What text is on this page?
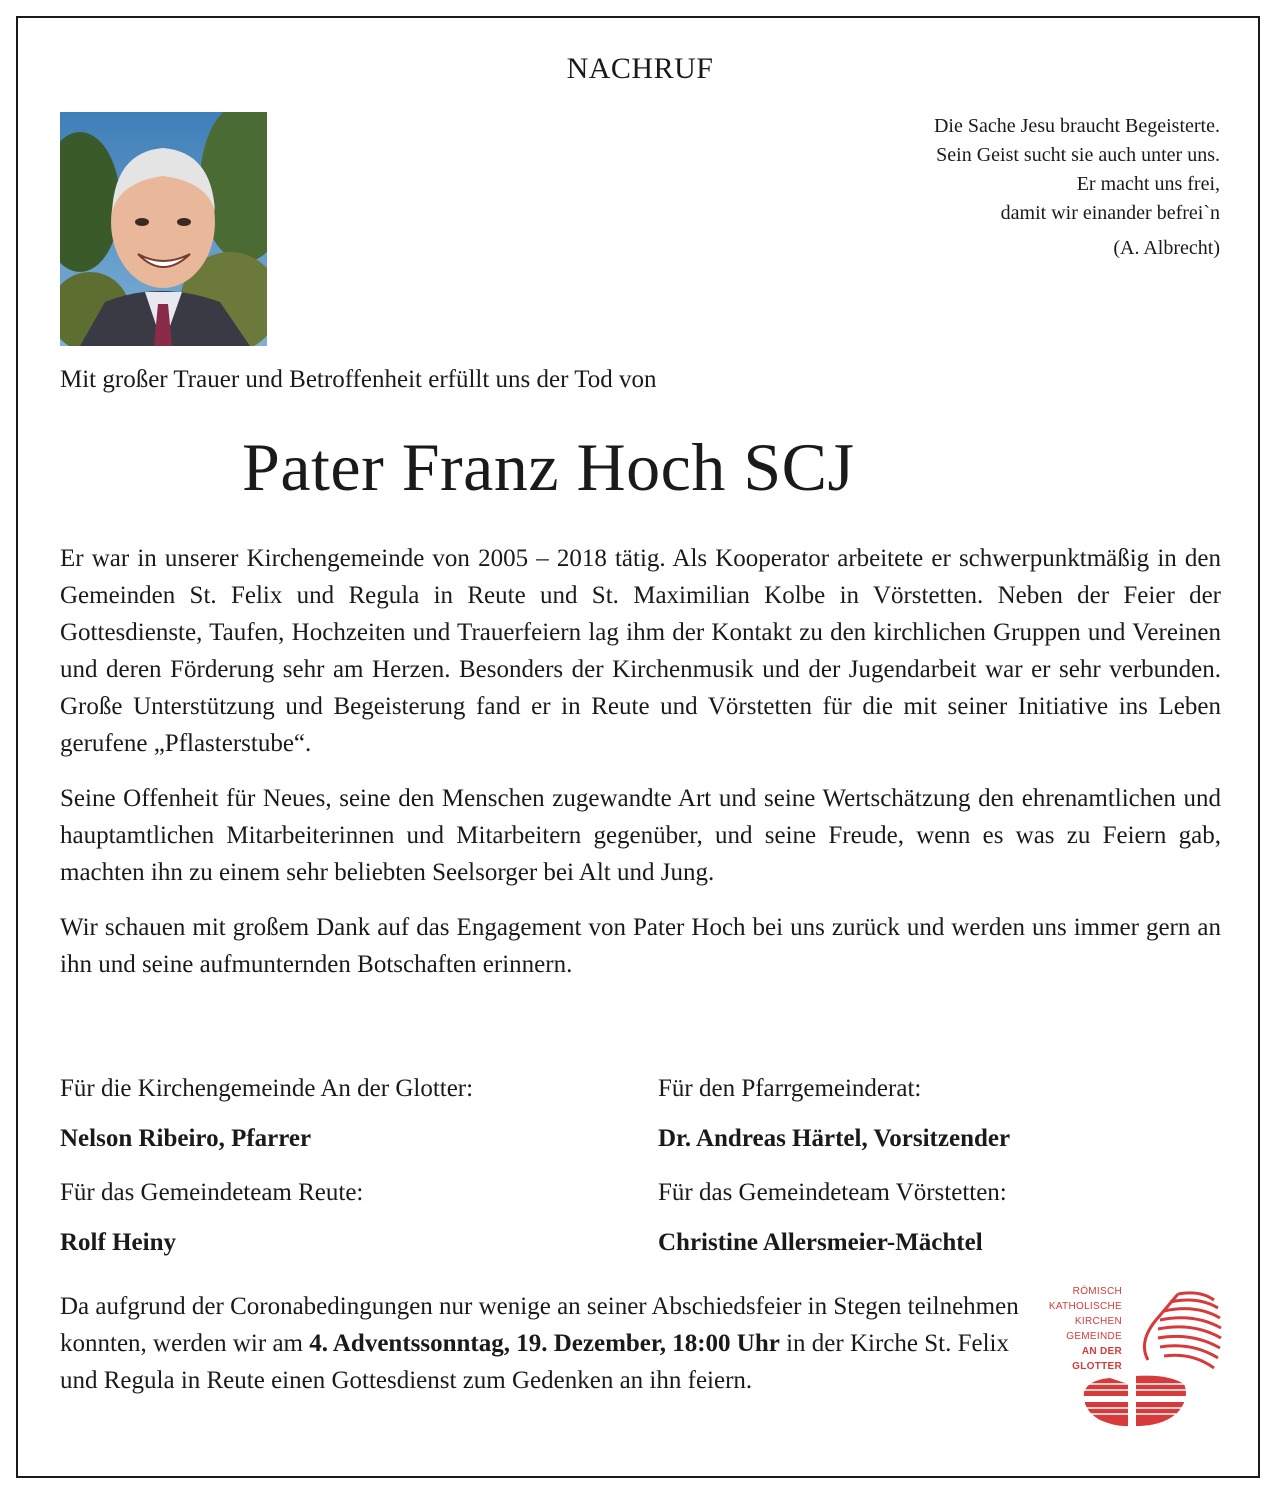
NACHRUF
Die Sache Jesu braucht Begeisterte.
Sein Geist sucht sie auch unter uns.
Er macht uns frei,
damit wir einander befrei`n
(A. Albrecht)
Mit großer Trauer und Betroffenheit erfüllt uns der Tod von
Pater Franz Hoch SCJ

Er war in unserer Kirchengemeinde von 2005 – 2018 tätig. Als Kooperator arbeitete er schwerpunktmäßig in den Gemeinden St. Felix und Regula in Reute und St. Maximilian Kolbe in Vörstetten. Neben der Feier der Gottesdienste, Taufen, Hochzeiten und Trauerfeiern lag ihm der Kontakt zu den kirchlichen Gruppen und Vereinen und deren Förderung sehr am Herzen. Besonders der Kirchenmusik und der Jugendarbeit war er sehr verbunden. Große Unterstützung und Begeisterung fand er in Reute und Vörstetten für die mit seiner Initiative ins Leben gerufene „Pflasterstube“.

Seine Offenheit für Neues, seine den Menschen zugewandte Art und seine Wertschätzung den ehrenamtlichen und hauptamtlichen Mitarbeiterinnen und Mitarbeitern gegenüber, und seine Freude, wenn es was zu Feiern gab, machten ihn zu einem sehr beliebten Seelsorger bei Alt und Jung.

Wir schauen mit großem Dank auf das Engagement von Pater Hoch bei uns zurück und werden uns immer gern an ihn und seine aufmunternden Botschaften erinnern.

Für die Kirchengemeinde An der Glotter:	Für den Pfarrgemeinderat:
Nelson Ribeiro, Pfarrer	Dr. Andreas Härtel, Vorsitzender
Für das Gemeindeteam Reute:	Für das Gemeindeteam Vörstetten:
Rolf Heiny	Christine Allersmeier-Mächtel
Da aufgrund der Coronabedingungen nur wenige an seiner Abschiedsfeier in Stegen teilnehmen konnten, werden wir am 4. Adventssonntag, 19. Dezember, 18:00 Uhr in der Kirche St. Felix und Regula in Reute einen Gottesdienst zum Gedenken an ihn feiern.
RÖMISCH
KATHOLISCHE
KIRCHEN
GEMEINDE
AN DER
GLOTTER
